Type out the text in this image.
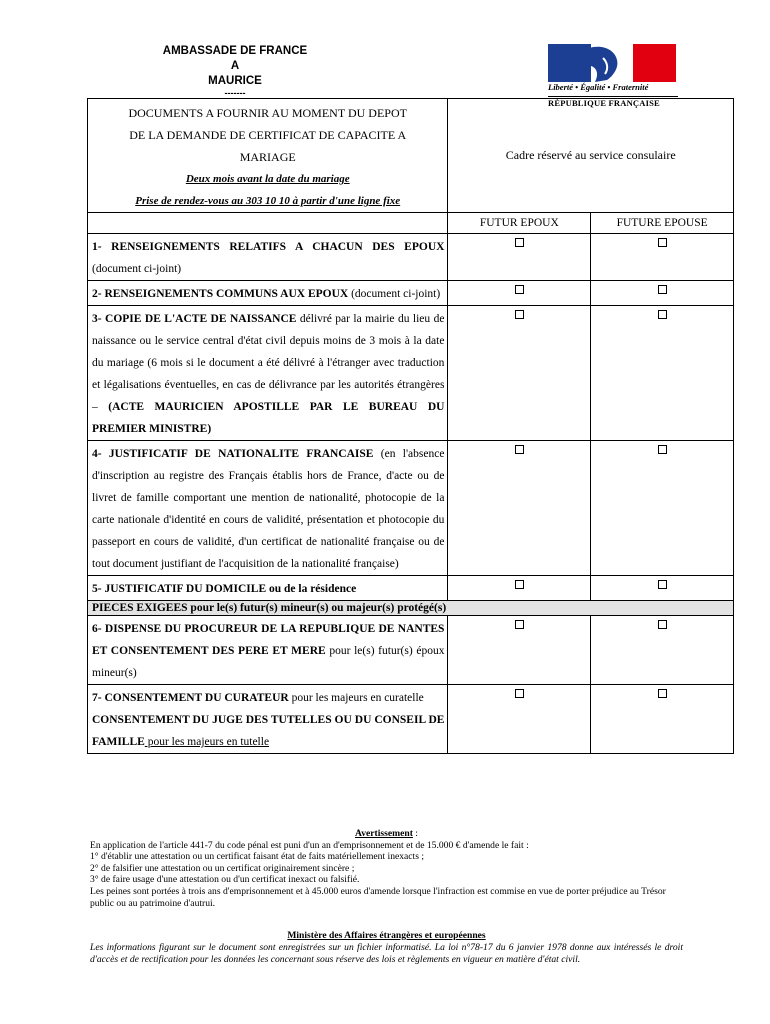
AMBASSADE DE FRANCE
A
MAURICE
-------
Liberté • Égalité • Fraternité
RÉPUBLIQUE FRANÇAISE
DOCUMENTS A FOURNIR AU MOMENT DU DEPOT
DE LA DEMANDE DE CERTIFICAT DE CAPACITE A
MARIAGE
Deux mois avant la date du mariage
Prise de rendez-vous au 303 10 10 à partir d'une ligne fixe	Cadre réservé au service consulaire	
	FUTUR EPOUX	FUTURE EPOUSE
1- RENSEIGNEMENTS RELATIFS A CHACUN DES EPOUX (document ci-joint)		
2- RENSEIGNEMENTS COMMUNS AUX EPOUX (document ci-joint)		
3- COPIE DE L'ACTE DE NAISSANCE délivré par la mairie du lieu de naissance ou le service central d'état civil depuis moins de 3 mois à la date du mariage (6 mois si le document a été délivré à l'étranger avec traduction et légalisations éventuelles, en cas de délivrance par les autorités étrangères – (ACTE MAURICIEN APOSTILLE PAR LE BUREAU DU PREMIER MINISTRE)		
4- JUSTIFICATIF DE NATIONALITE FRANCAISE (en l'absence d'inscription au registre des Français établis hors de France, d'acte ou de livret de famille comportant une mention de nationalité, photocopie de la carte nationale d'identité en cours de validité, présentation et photocopie du passeport en cours de validité, d'un certificat de nationalité française ou de tout document justifiant de l'acquisition de la nationalité française)		
5- JUSTIFICATIF DU DOMICILE ou de la résidence		
PIECES EXIGEES pour le(s) futur(s) mineur(s) ou majeur(s) protégé(s)		
6- DISPENSE DU PROCUREUR DE LA REPUBLIQUE DE NANTES ET CONSENTEMENT DES PERE ET MERE pour le(s) futur(s) époux mineur(s)		
7- CONSENTEMENT DU CURATEUR pour les majeurs en curatelle
CONSENTEMENT DU JUGE DES TUTELLES OU DU CONSEIL DE FAMILLE pour les majeurs en tutelle		
Avertissement :
En application de l'article 441-7 du code pénal est puni d'un an d'emprisonnement et de 15.000 € d'amende le fait :
1° d'établir une attestation ou un certificat faisant état de faits matériellement inexacts ;
2° de falsifier une attestation ou un certificat originairement sincère ;
3° de faire usage d'une attestation ou d'un certificat inexact ou falsifié.
Les peines sont portées à trois ans d'emprisonnement et à 45.000 euros d'amende lorsque l'infraction est commise en vue de porter préjudice au Trésor public ou au patrimoine d'autrui.
Ministère des Affaires étrangères et européennes
Les informations figurant sur le document sont enregistrées sur un fichier informatisé. La loi n°78-17 du 6 janvier 1978 donne aux intéressés le droit d'accès et de rectification pour les données les concernant sous réserve des lois et règlements en vigueur en matière d'état civil.
